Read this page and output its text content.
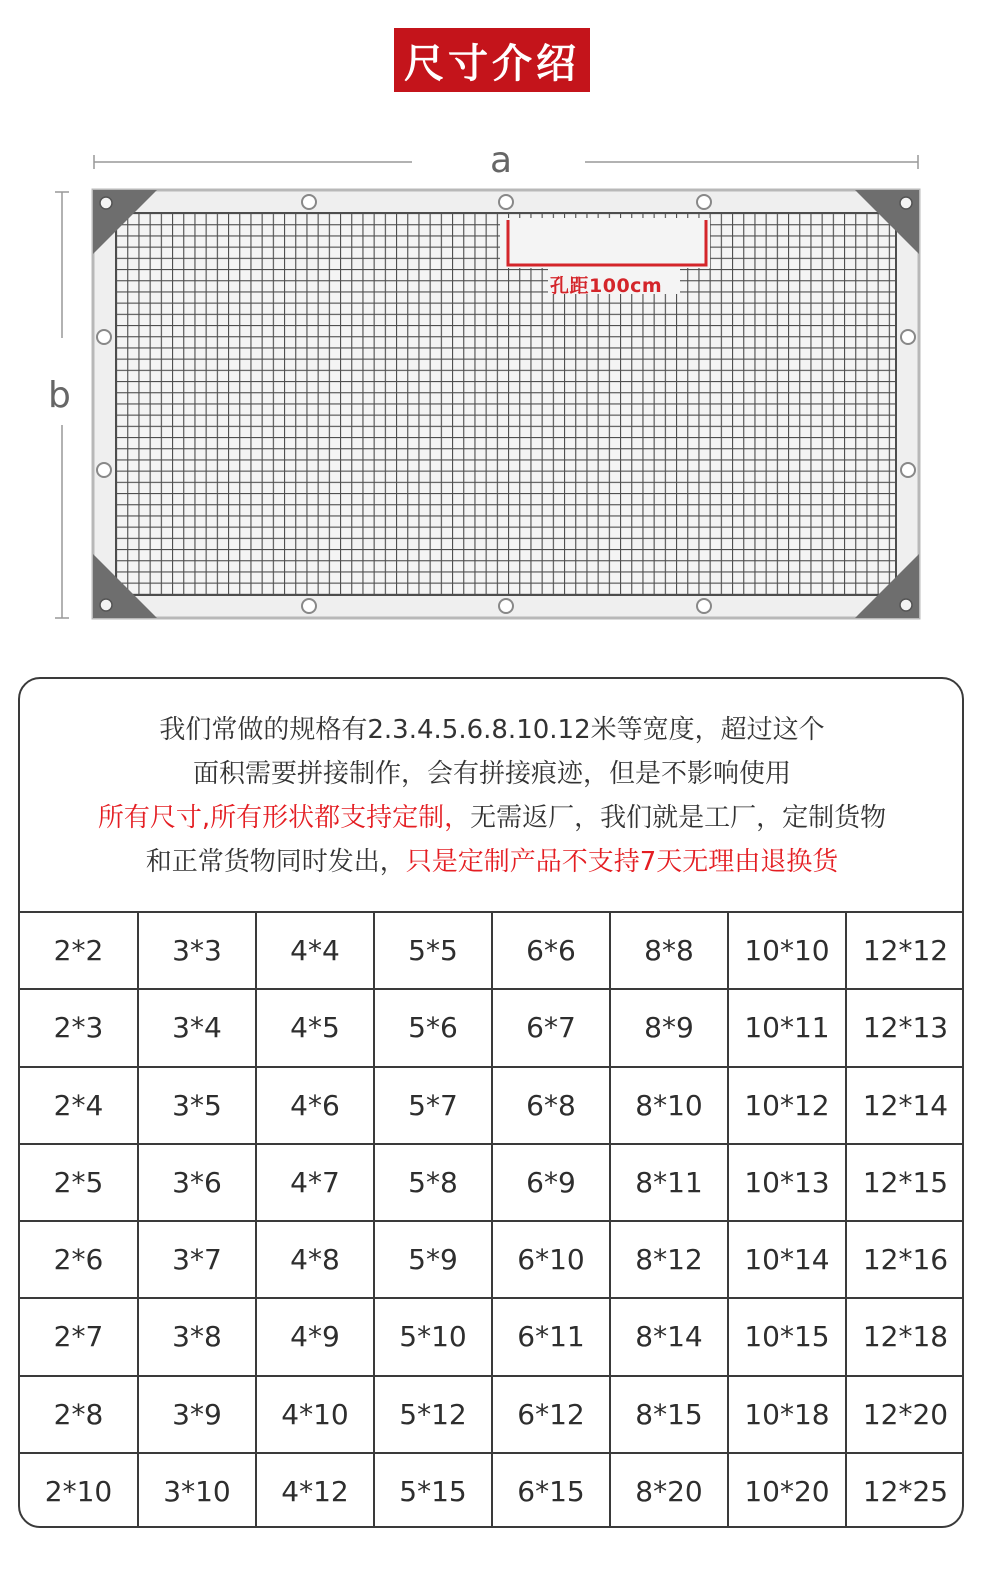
尺寸介绍
a
b
孔距100cm
我们常做的规格有2.3.4.5.6.8.10.12米等宽度，超过这个
面积需要拼接制作，会有拼接痕迹，但是不影响使用
所有尺寸,所有形状都支持定制，无需返厂，我们就是工厂，定制货物
和正常货物同时发出，只是定制产品不支持7天无理由退换货
2*2	3*3	4*4	5*5	6*6	8*8	10*10	12*12
2*3	3*4	4*5	5*6	6*7	8*9	10*11	12*13
2*4	3*5	4*6	5*7	6*8	8*10	10*12	12*14
2*5	3*6	4*7	5*8	6*9	8*11	10*13	12*15
2*6	3*7	4*8	5*9	6*10	8*12	10*14	12*16
2*7	3*8	4*9	5*10	6*11	8*14	10*15	12*18
2*8	3*9	4*10	5*12	6*12	8*15	10*18	12*20
2*10	3*10	4*12	5*15	6*15	8*20	10*20	12*25
